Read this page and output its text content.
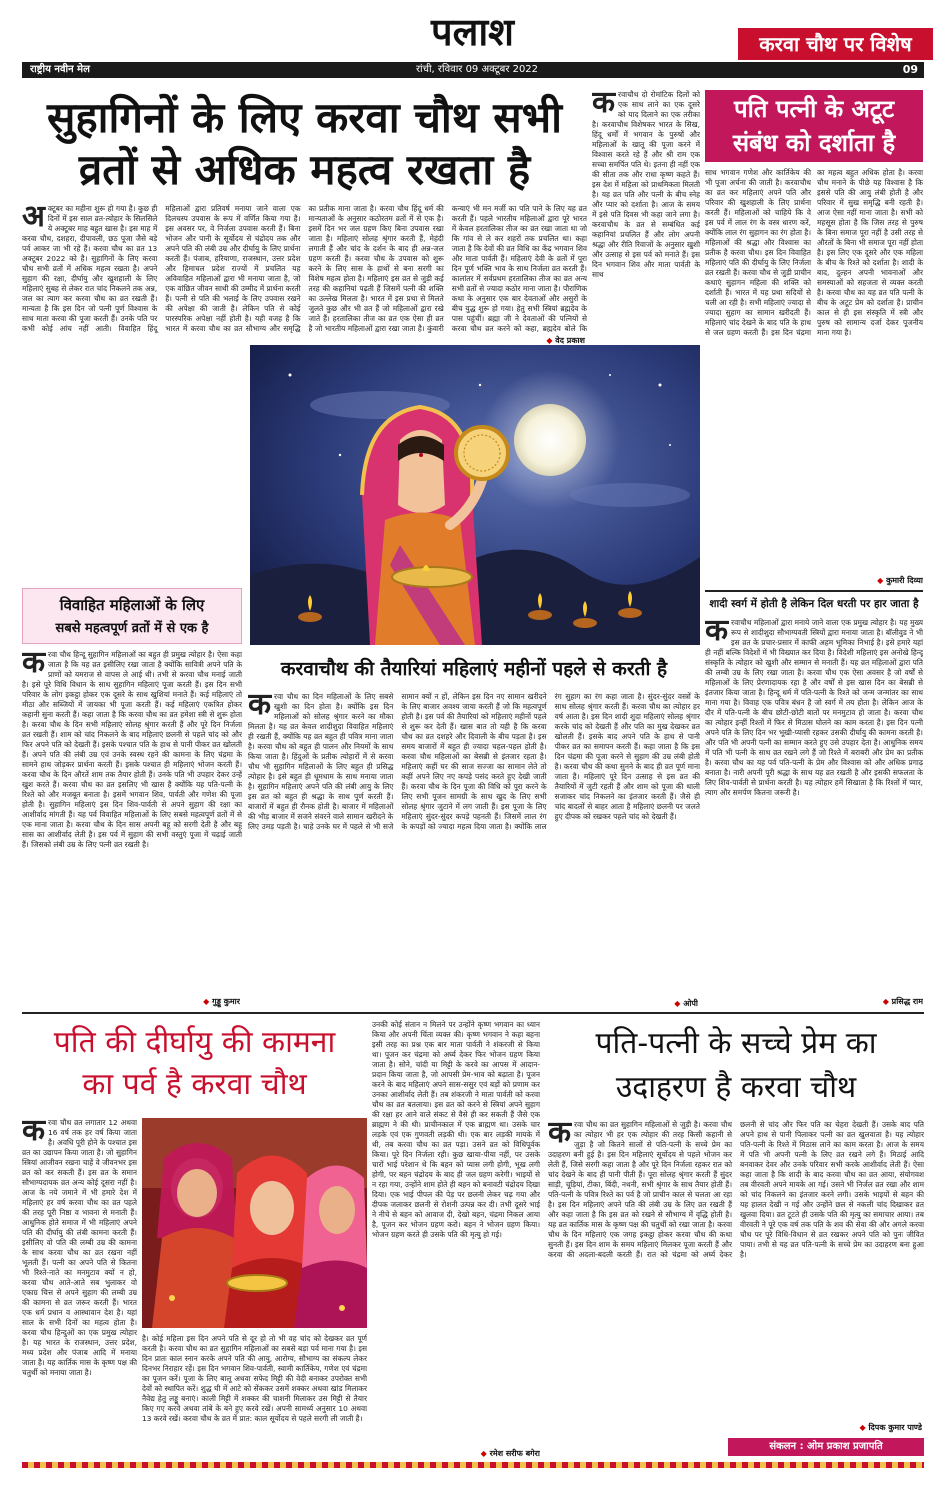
पलाश	करवा चौथ पर विशेष
राष्ट्रीय नवीन मेल	रांची, रविवार 09 अक्टूबर 2022	09
सुहागिनों के लिए करवा चौथ सभी
व्रतों से अधिक महत्व रखता है
अक्टूबर का महीना शुरू हो गया है। कुछ ही दिनों में इस साल व्रत-त्योहार के सिलसिले ये अक्टूबर माह बहुत खास है। इस माह में करवा चौथ, दशहरा, दीपावली, छठ पूजा जैसे बड़े पर्व आकर जा भी रहे हैं। करवा चौथ का व्रत 13 अक्टूबर 2022 को है। सुहागिनों के लिए करवा चौथ सभी व्रतों में अधिक महत्व रखता है। अपने सुहाग की रक्षा, दीर्घायु और खुशहाली के लिए महिलाएं सुबह से लेकर रात चांद निकलने तक अन्न, जल का त्याग कर करवा चौथ का व्रत रखती हैं। मान्यता है कि इस दिन जो पत्नी पूर्ण विश्वास के साथ माता करवा की पूजा करती हैं। उनके पति पर कभी कोई आंच नहीं आती। विवाहित हिंदू महिलाओं द्वारा प्रतिवर्ष मनाया जाने वाला एक दिलचस्प उपवास के रूप में वर्णित किया गया है। इस अवसर पर, वे निर्जला उपवास करती हैं। बिना भोजन और पानी के सूर्योदय से चंद्रोदय तक और अपने पति की लंबी उम्र और दीर्घायु के लिए प्रार्थना करती हैं। पंजाब, हरियाणा, राजस्थान, उत्तर प्रदेश और हिमाचल प्रदेश राज्यों में प्रचलित यह अविवाहित महिलाओं द्वारा भी मनाया जाता है, जो एक वांछित जीवन साथी की उम्मीद में प्रार्थना करती हैं। पत्नी से पति की भलाई के लिए उपवास रखने की अपेक्षा की जाती है। लेकिन पति से कोई पारस्परिक अपेक्षा नहीं होती है। यही वजह है कि भारत में करवा चौथ का व्रत सौभाग्य और समृद्धि का प्रतीक माना जाता है। करवा चौथ हिंदू धर्म की मान्यताओं के अनुसार कठोरतम व्रतों में से एक है। इसमें दिन भर जल ग्रहण किए बिना उपवास रखा जाता है। महिलाएं सोलह श्रृंगार करती हैं, मेहंदी लगाती हैं और चांद के दर्शन के बाद ही अन्न-जल ग्रहण करती हैं। करवा चौथ के उपवास को शुरू करने के लिए सास के हाथों से बना सरगी का विशेष महत्व होता है। महिलाएं इस व्रत से जुड़ी कई तरह की कहानियां पढ़ती हैं जिसमें पत्नी की शक्ति का उल्लेख मिलता है। भारत में इस प्रथा से मिलते जुलते कुछ और भी व्रत हैं जो महिलाओं द्वारा रखे जाते हैं। हरतालिका तीज का व्रत एक ऐसा ही व्रत है जो भारतीय महिलाओं द्वारा रखा जाता है। कुंवारी कन्याएं भी मन मर्जी का पति पाने के लिए यह व्रत करती हैं। पहले भारतीय महिलाओं द्वारा पूरे भारत में केवल हरतालिका तीज का व्रत रखा जाता था जो कि गांव से ले कर शहरों तक प्रचलित था। कहा जाता है कि देवों की व्रत विधि का केंद्र भगवान शिव और माता पार्वती हैं। महिलाएं देवी के व्रतों में पूरा दिन पूर्ण भक्ति भाव के साथ निर्जला व्रत करती हैं। कालांतर में सर्वप्रथम हरतालिका तीज का व्रत अन्य सभी व्रतों से ज्यादा कठोर माना जाता है। पौराणिक कथा के अनुसार एक बार देवताओं और असुरों के बीच युद्ध शुरू हो गया। हेतु सभी स्त्रियां ब्रह्मदेव के पास पहुंचीं। ब्रह्मा जी ने देवताओं की पत्नियों से करवा चौथ व्रत करने को कहा, ब्रह्मदेव बोले कि
◆ वेद प्रकाश
करवाचौथ दो रोमांटिक दिलों को एक साथ लाने का एक दूसरे को याद दिलाने का एक तरीका है। करवाचौथ विशेषकर भारत के सिख, हिंदू धर्मों में भगवान के पुरुषों और महिलाओं के खातू की पूजा करने में विश्वास करते रहे हैं और श्री राम एक सच्चा समर्पित पति थे। इतना ही नहीं एक की सीता तक और राधा कृष्ण कहते हैं। इस देश में महिला को प्राथमिकता मिलती है। यह व्रत पति और पत्नी के बीच स्नेह और प्यार को दर्शाता है। आज के समय में इसे पति दिवस भी कहा जाने लगा है। करवाचौथ के व्रत से सम्बंधित कई कहानियां प्रचलित हैं और लोग अपनी श्रद्धा और रीति रिवाजों के अनुसार खुशी और उत्साह से इस पर्व को मनाते हैं। इस दिन भगवान शिव और माता पार्वती के साथ
पति पत्नी के अटूट
संबंध को दर्शाता है
साथ भगवान गणेश और कार्तिकेय की भी पूजा अर्चना की जाती है। करवाचौथ का व्रत कर महिलाएं अपने पति और परिवार की खुशहाली के लिए प्रार्थना करती हैं। महिलाओं को चाहिये कि वे इस पर्व में लाल रंग के वस्त्र धारण करें, क्योंकि लाल रंग सुहागन का रंग होता है। महिलाओं की श्रद्धा और विश्वास का प्रतीक है करवा चौथ। इस दिन विवाहित महिलाएं पति की दीर्घायु के लिए निर्जला व्रत रखती हैं। करवा चौथ से जुड़ी प्राचीन कथाएं सुहागन महिला की शक्ति को दर्शाती हैं। भारत में यह प्रथा सदियों से चली आ रही है। सभी महिलाएं ज्यादा से ज्यादा सुहाग का सामान खरीदती हैं। महिलाएं चांद देखने के बाद पति के हाथ से जल ग्रहण करती हैं। इस दिन चंद्रमा का महत्व बहुत अधिक होता है। करवा चौथ मनाने के पीछे यह विश्वास है कि इससे पति की आयु लंबी होती है और परिवार में सुख समृद्धि बनी रहती है। आज ऐसा नहीं माना जाता है। सभी को महसूस होता है कि जिस तरह से पुरुष के बिना समाज पूरा नहीं है उसी तरह से औरतों के बिना भी समाज पूरा नहीं होता है। इस लिए एक दूसरे और एक महिला के बीच के रिश्ते को दर्शाता है। शादी के बाद, दुल्हन अपनी भावनाओं और समस्याओं को सहजता से व्यक्त करती है। करवा चौथ का यह व्रत पति पत्नी के बीच के अटूट प्रेम को दर्शाता है। प्राचीन काल से ही इस संस्कृति में स्त्री और पुरुष को सामान्य दर्जा देकर पूजनीय माना गया है।
◆ कुमारी दिव्या
विवाहित महिलाओं के लिए
सबसे महत्वपूर्ण व्रतों में से एक है
करवा चौथ हिन्दू सुहागिन महिलाओं का बहुत ही प्रमुख त्योहार है। ऐसा कहा जाता है कि यह व्रत इसीलिए रखा जाता है क्योंकि सावित्री अपने पति के प्राणों को यमराज से वापस ले आई थी। तभी से करवा चौथ मनाई जाती है। इसे पूरे विधि विधान के साथ सुहागिन महिलाएं पूजा करती हैं। इस दिन सभी परिवार के लोग इकट्ठा होकर एक दूसरे के साथ खुशियां मनाते हैं। कई महिलाएं तो मीठा और सब्जियों में जायका भी पूजा करती हैं। कई महिलाएं एकत्रित होकर कहानी सुना करती हैं। कहा जाता है कि करवा चौथ का व्रत हमेशा स्त्री से शुरू होता है। करवा चौथ के दिन सभी महिलाएं सोलह श्रृंगार करती हैं और पूरे दिन निर्जला व्रत रखती हैं। शाम को चांद निकलने के बाद महिलाएं छलनी से पहले चांद को और फिर अपने पति को देखती हैं। इसके पश्चात पति के हाथ से पानी पीकर व्रत खोलती हैं। अपने पति की लंबी उम्र एवं उनके स्वस्थ रहने की कामना के लिए चंद्रमा के सामने हाथ जोड़कर प्रार्थना करती हैं। इसके पश्चात ही महिलाएं भोजन करती हैं। करवा चौथ के दिन औरतें शाम तक तैयार होती हैं। उनके पति भी उपहार देकर उन्हें खुश करते हैं। करवा चौथ का व्रत इसलिए भी खास है क्योंकि यह पति-पत्नी के रिश्ते को और मजबूत बनाता है। इसमें भगवान शिव, पार्वती और गणेश की पूजा होती है। सुहागिन महिलाएं इस दिन शिव-पार्वती से अपने सुहाग की रक्षा का आशीर्वाद मांगती हैं। यह पर्व विवाहित महिलाओं के लिए सबसे महत्वपूर्ण व्रतों में से एक माना जाता है। करवा चौथ के दिन सास अपनी बहू को सरगी देती है और बहू सास का आशीर्वाद लेती है। इस पर्व में सुहाग की सभी वस्तुएं पूजा में चढ़ाई जाती हैं। जिसको लंबी उम्र के लिए पत्नी व्रत रखती है।
◆ गुड्डू कुमार
करवाचौथ की तैयारियां महिलाएं महीनों पहले से करती है
करवा चौथ का दिन महिलाओं के लिए सबसे खुशी का दिन होता है। क्योंकि इस दिन महिलाओं को सोलह श्रृंगार करने का मौका मिलता है। यह व्रत केवल शादीशुदा विवाहित महिलाएं ही रखती हैं, क्योंकि यह व्रत बहुत ही पवित्र माना जाता है। करवा चौथ को बहुत ही पालन और नियमों के साथ किया जाता है। हिंदुओं के प्रतीक त्योहारों में से करवा चौथ भी सुहागिन महिलाओं के लिए बहुत ही प्रसिद्ध त्योहार है। इसे बहुत ही धूमधाम के साथ मनाया जाता है। सुहागिन महिलाएं अपने पति की लंबी आयु के लिए इस व्रत को बहुत ही श्रद्धा के साथ पूर्ण करती हैं। बाजारों में बहुत ही रौनक होती है। बाजार में महिलाओं की भीड़ बाजार में सजने संवरने वाले सामान खरीदने के लिए उमड़ पड़ती है। चाहे उनके घर में पहले से भी सजे सामान क्यों न हों, लेकिन इस दिन नए सामान खरीदने के लिए बाजार अवश्य जाया करती हैं जो कि महत्वपूर्ण होती है। इस पर्व की तैयारियां को महिलाएं महीनों पहले से शुरू कर देती हैं। खास बात तो यही है कि करवा चौथ का व्रत दशहरे और दिवाली के बीच पड़ता है। इस समय बाजारों में बहुत ही ज्यादा चहल-पहल होती है। करवा चौथ महिलाओं का बेसब्री से इंतजार रहता है। महिलाएं कहीं घर की साज सज्जा का सामान लेते तो कहीं अपने लिए नए कपड़े पसंद करते हुए देखी जाती हैं। करवा चौथ के दिन पूजा की विधि को पूरा करने के लिए सभी पूजन सामग्री के साथ खुद के लिए सभी सोलह श्रृंगार जुटाने में लग जाती हैं। इस पूजा के लिए महिलाएं सुंदर-सुंदर कपड़े पहनती हैं। जिसमें लाल रंग के कपड़ों को ज्यादा महत्व दिया जाता है। क्योंकि लाल रंग सुहाग का रंग कहा जाता है। सुंदर-सुंदर वस्त्रों के साथ सोलह श्रृंगार करती हैं। करवा चौथ का त्योहार हर वर्ष आता है। इस दिन शादी शुदा महिलाएं सोलह श्रृंगार करके चांद को देखती हैं और पति का मुख देखकर व्रत खोलती हैं। इसके बाद अपने पति के हाथ से पानी पीकर व्रत का समापन करती हैं। कहा जाता है कि इस दिन चंद्रमा की पूजा करने से सुहाग की उम्र लंबी होती है। करवा चौथ की कथा सुनने के बाद ही व्रत पूर्ण माना जाता है। महिलाएं पूरे दिन उत्साह से इस व्रत की तैयारियों में जुटी रहती हैं और शाम को पूजा की थाली सजाकर चांद निकलने का इंतजार करती हैं। जैसे ही चांद बादलों से बाहर आता है महिलाएं छलनी पर जलते हुए दीपक को रखकर पहले चांद को देखती हैं।
◆ ओपी
शादी स्वर्ग में होती है लेकिन दिल धरती पर हार जाता है
करवाचौथ महिलाओं द्वारा मनाये जाने वाला एक प्रमुख त्योहार है। यह मुख्य रूप से शादीशुदा सौभाग्यवती स्त्रियों द्वारा मनाया जाता है। बॉलीवुड ने भी इस व्रत के प्रचार-प्रसार में काफी अहम भूमिका निभाई है। इसे हमारे यहां ही नहीं बल्कि विदेशों में भी विख्यात कर दिया है। विदेशी महिलाएं इस अनोखे हिन्दू संस्कृति के त्योहार को खुशी और सम्मान से मनाती हैं। यह व्रत महिलाओं द्वारा पति की लम्बी उम्र के लिए रखा जाता है। करवा चौथ एक ऐसा अवसर है जो वर्षों से महिलाओं के लिए प्रेरणादायक रहा है और वर्षों से इस खास दिन का बेसब्री से इंतजार किया जाता है। हिन्दू धर्म में पति-पत्नी के रिश्ते को जन्म जन्मांतर का साथ माना गया है। विवाह एक पवित्र बंधन है जो स्वर्ग में तय होता है। लेकिन आज के दौर में पति-पत्नी के बीच छोटी-छोटी बातों पर मनमुटाव हो जाता है। करवा चौथ का त्योहार इन्हीं रिश्तों में फिर से मिठास घोलने का काम करता है। इस दिन पत्नी अपने पति के लिए दिन भर भूखी-प्यासी रहकर उसकी दीर्घायु की कामना करती है। और पति भी अपनी पत्नी का सम्मान करते हुए उसे उपहार देता है। आधुनिक समय में पति भी पत्नी के साथ व्रत रखने लगे हैं जो रिश्ते में बराबरी और प्रेम का प्रतीक है। करवा चौथ का यह पर्व पति-पत्नी के प्रेम और विश्वास को और अधिक प्रगाढ़ बनाता है। नारी अपनी पूरी श्रद्धा के साथ यह व्रत रखती है और इसकी सफलता के लिए शिव-पार्वती से प्रार्थना करती है। यह त्योहार हमें सिखाता है कि रिश्तों में प्यार, त्याग और समर्पण कितना जरूरी है।
◆ प्रसिद्ध राम
पति की दीर्घायु की कामना
का पर्व है करवा चौथ
करवा चौथ व्रत लगातार 12 अथवा 16 वर्ष तक हर वर्ष किया जाता है। अवधि पूरी होने के पश्चात इस व्रत का उद्यापन किया जाता है। जो सुहागिन स्त्रियां आजीवन रखना चाहें वे जीवनभर इस व्रत को कर सकती हैं। इस व्रत के समान सौभाग्यदायक व्रत अन्य कोई दूसरा नहीं है। आज के नये जमाने में भी हमारे देश में महिलाएं हर वर्ष करवा चौथ का व्रत पहले की तरह पूरी निष्ठा व भावना से मनाती हैं। आधुनिक होते समाज में भी महिलाएं अपने पति की दीर्घायु की लंबी कामना करती हैं। इसीलिए वो पति की लम्बी उम्र की कामना के साथ करवा चौथ का व्रत रखना नहीं भूलती हैं। पत्नी का अपने पति से कितना भी रिश्ते-नाते का मनमुटाव क्यों न हो, करवा चौथ आते-आते सब भुलाकर वो एकाग्र चित्त से अपने सुहाग की लम्बी उम्र की कामना से व्रत जरूर करती हैं। भारत एक धर्म प्रधान व आस्थावान देश है। यहां साल के सभी दिनों का महत्व होता है। करवा चौथ हिन्दुओं का एक प्रमुख त्योहार है। यह भारत के राजस्थान, उत्तर प्रदेश, मध्य प्रदेश और पंजाब आदि में मनाया जाता है। यह कार्तिक मास के कृष्ण पक्ष की चतुर्थी को मनाया जाता है।
है। कोई महिला इस दिन अपने पति से दूर हो तो भी वह चांद को देखकर व्रत पूर्ण करती है। करवा चौथ का व्रत सुहागिन महिलाओं का सबसे बड़ा पर्व माना गया है। इस दिन प्रातः काल स्नान करके अपने पति की आयु, आरोग्य, सौभाग्य का संकल्प लेकर दिनभर निराहार रहें। इस दिन भगवान शिव-पार्वती, स्वामी कार्तिकेय, गणेश एवं चंद्रमा का पूजन करें। पूजा के लिए बालू अथवा सफेद मिट्टी की वेदी बनाकर उपरोक्त सभी देवों को स्थापित करें। शुद्ध घी में आटे को सेंककर उसमें शक्कर अथवा खांड मिलाकर नैवेद्य हेतु लड्डू बनाएं। काली मिट्टी में शक्कर की चाशनी मिलाकर उस मिट्टी से तैयार किए गए करवे अथवा तांबे के बने हुए करवे रखें। अपनी सामर्थ्य अनुसार 10 अथवा 13 करवे रखें। करवा चौथ के व्रत में प्रात: काल सूर्योदय से पहले सरगी ली जाती है।
उनकी कोई संतान न मिलने पर उन्होंने कृष्ण भगवान का ध्यान किया और अपनी चिंता व्यक्त की। कृष्ण भगवान ने कहा बहना इसी तरह का प्रश्न एक बार माता पार्वती ने शंकरजी से किया था। पूजन कर चंद्रमा को अर्घ्य देकर फिर भोजन ग्रहण किया जाता है। सोने, चांदी या मिट्टी के करवे का आपस में आदान-प्रदान किया जाता है, जो आपसी प्रेम-भाव को बढ़ाता है। पूजन करने के बाद महिलाएं अपने सास-ससुर एवं बड़ों को प्रणाम कर उनका आशीर्वाद लेती हैं। तब शंकरजी ने माता पार्वती को करवा चौथ का व्रत बतलाया। इस व्रत को करने से स्त्रियां अपने सुहाग की रक्षा हर आने वाले संकट से वैसे ही कर सकती हैं जैसे एक ब्राह्मण ने की थी। प्राचीनकाल में एक ब्राह्मण था। उसके चार लड़के एवं एक गुणवती लड़की थी। एक बार लड़की मायके में थी, तब करवा चौथ का व्रत पड़ा। उसने व्रत को विधिपूर्वक किया। पूरे दिन निर्जला रही। कुछ खाया-पीया नहीं, पर उसके चारों भाई परेशान थे कि बहन को प्यास लगी होगी, भूख लगी होगी, पर बहन चंद्रोदय के बाद ही जल ग्रहण करेगी। भाइयों से न रहा गया, उन्होंने शाम होते ही बहन को बनावटी चंद्रोदय दिखा दिया। एक भाई पीपल की पेड़ पर छलनी लेकर चढ़ गया और दीपक जलाकर छलनी से रोशनी उत्पन्न कर दी। तभी दूसरे भाई ने नीचे से बहन को आवाज दी, देखो बहन, चंद्रमा निकल आया है, पूजन कर भोजन ग्रहण करो। बहन ने भोजन ग्रहण किया। भोजन ग्रहण करते ही उसके पति की मृत्यु हो गई।
◆ रमेश सरीफ बगेरा
पति-पत्नी के सच्चे प्रेम का
उदाहरण है करवा चौथ
करवा चौथ का व्रत सुहागिन महिलाओं से जुड़ी है। करवा चौथ का त्योहार भी हर एक त्योहार की तरह किसी कहानी से जुड़ा है जो कितने सालों से पति-पत्नी के सच्चे प्रेम का उदाहरण बनी हुई है। इस दिन महिलाएं सूर्योदय से पहले भोजन कर लेती हैं, जिसे सरगी कहा जाता है और पूरे दिन निर्जला रहकर रात को चांद देखने के बाद ही पानी पीती हैं। पूरा सोलह श्रृंगार करती हैं सुंदर साड़ी, चूड़ियां, टीका, बिंदी, नथनी, सभी श्रृंगार के साथ तैयार होती हैं। पति-पत्नी के पवित्र रिश्ते का पर्व है जो प्राचीन काल से चलता आ रहा है। इस दिन महिलाएं अपने पति की लंबी उम्र के लिए व्रत रखती हैं और कहा जाता है कि इस व्रत को रखने से सौभाग्य में वृद्धि होती है। यह व्रत कार्तिक मास के कृष्ण पक्ष की चतुर्थी को रखा जाता है। करवा चौथ के दिन महिलाएं एक जगह इकट्ठा होकर करवा चौथ की कथा सुनती हैं। इस दिन शाम के समय महिलाएं मिलकर पूजा करती हैं और करवा की अदला-बदली करती हैं। रात को चंद्रमा को अर्घ्य देकर छलनी से चांद और फिर पति का चेहरा देखती हैं। उसके बाद पति अपने हाथ से पानी पिलाकर पत्नी का व्रत खुलवाता है। यह त्योहार पति-पत्नी के रिश्ते में मिठास लाने का काम करता है। आज के समय में पति भी अपनी पत्नी के लिए व्रत रखने लगे हैं। मिठाई आदि बनवाकर देवर और उनके परिवार सभी करके आशीर्वाद लेती हैं। ऐसा कहा जाता है कि शादी के बाद करवा चौथ का व्रत आया, संयोगवश तब वीरवती अपने मायके आ गई। उसने भी निर्जल व्रत रखा और शाम को चांद निकलने का इंतजार करने लगी। उसके भाइयों से बहन की यह हालत देखी न गई और उन्होंने छल से नकली चांद दिखाकर व्रत खुलवा दिया। व्रत टूटते ही उसके पति की मृत्यु का समाचार आया। तब वीरवती ने पूरे एक वर्ष तक पति के शव की सेवा की और अगले करवा चौथ पर पूरे विधि-विधान से व्रत रखकर अपने पति को पुनः जीवित पाया। तभी से यह व्रत पति-पत्नी के सच्चे प्रेम का उदाहरण बना हुआ है।
◆ दिपक कुमार पाण्डे
संकलन : ओम प्रकाश प्रजापति
